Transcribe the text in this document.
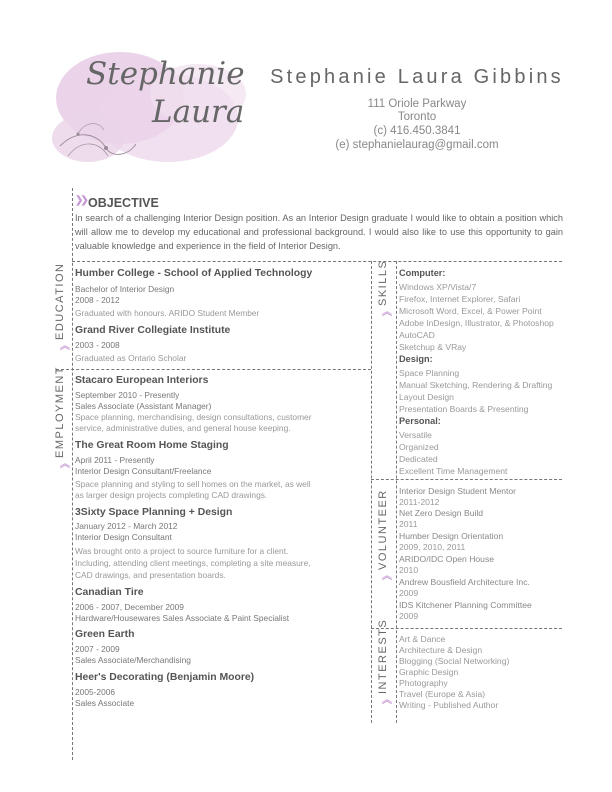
Stephanie
Laura
Stephanie Laura Gibbins
111 Oriole Parkway
Toronto
(c) 416.450.3841
(e) stephanielaurag@gmail.com
❯❯ OBJECTIVE
In search of a challenging Interior Design position. As an Interior Design graduate I would like to obtain a position which will allow me to develop my educational and professional background. I would also like to use this opportunity to gain valuable knowledge and experience in the field of Interior Design.
EDUCATION
︽
EMPLOYMENT
︽
SKILLS
︽
VOLUNTEER
︽
INTERESTS
︽
Humber College - School of Applied Technology
Bachelor of Interior Design
2008 - 2012
Graduated with honours. ARIDO Student Member
Grand River Collegiate Institute
2003 - 2008
Graduated as Ontario Scholar
Stacaro European Interiors
September 2010 - Presently
Sales Associate (Assistant Manager)
Space planning, merchandising, design consultations, customer
service, administrative duties, and general house keeping.
The Great Room Home Staging
April 2011 - Presently
Interior Design Consultant/Freelance
Space planning and styling to sell homes on the market, as well
as larger design projects completing CAD drawings.
3Sixty Space Planning + Design
January 2012 - March 2012
Interior Design Consultant
Was brought onto a project to source furniture for a client.
Including, attending client meetings, completing a site measure,
CAD drawings, and presentation boards.
Canadian Tire
2006 - 2007, December 2009
Hardware/Housewares Sales Associate & Paint Specialist
Green Earth
2007 - 2009
Sales Associate/Merchandising
Heer's Decorating (Benjamin Moore)
2005-2006
Sales Associate
Computer:
Windows XP/Vista/7
Firefox, Internet Explorer, Safari
Microsoft Word, Excel, & Power Point
Adobe InDesign, Illustrator, & Photoshop
AutoCAD
Sketchup & VRay
Design:
Space Planning
Manual Sketching, Rendering & Drafting
Layout Design
Presentation Boards & Presenting
Personal:
Versatile
Organized
Dedicated
Excellent Time Management
Interior Design Student Mentor
2011-2012
Net Zero Design Build
2011
Humber Design Orientation
2009, 2010, 2011
ARIDO/IDC Open House
2010
Andrew Bousfield Architecture Inc.
2009
IDS Kitchener Planning Committee
2009
Art & Dance
Architecture & Design
Blogging (Social Networking)
Graphic Design
Photography
Travel (Europe & Asia)
Writing - Published Author
